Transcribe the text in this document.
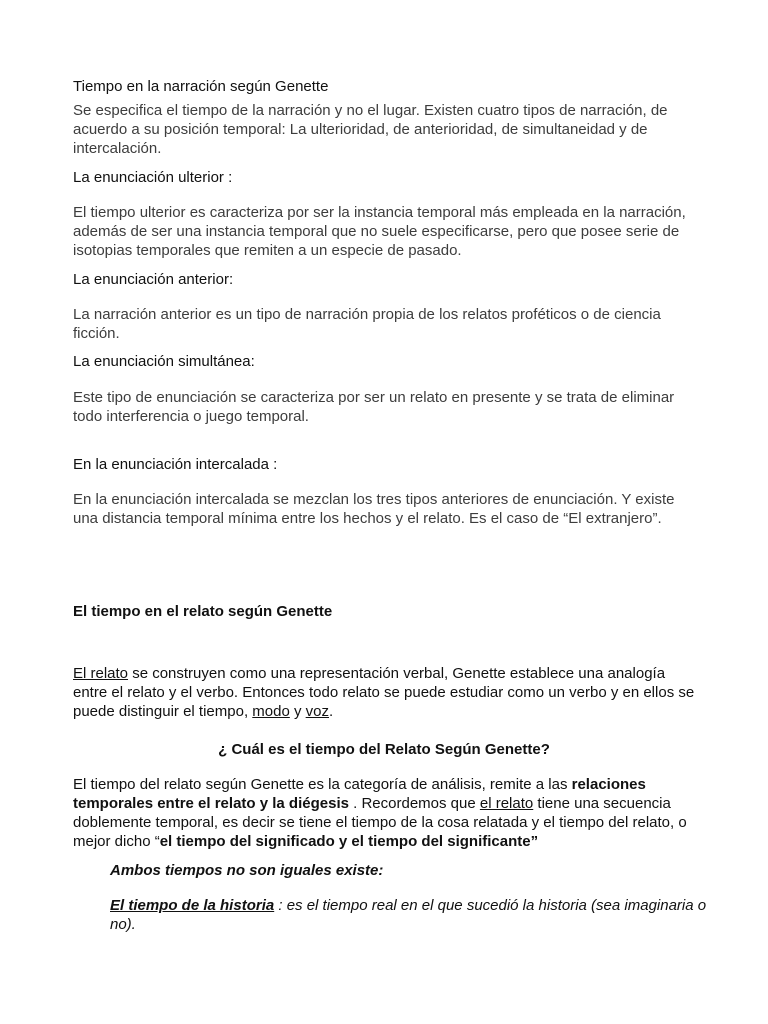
Tiempo en la narración según Genette

Se especifica el tiempo de la narración y no el lugar. Existen cuatro tipos de narración, de acuerdo a su posición temporal: La ulterioridad, de anterioridad, de simultaneidad y de intercalación.

La enunciación ulterior :

El tiempo ulterior es caracteriza por ser la instancia temporal más empleada en la narración, además de ser una instancia temporal que no suele especificarse, pero que posee serie de isotopias temporales que remiten a un especie de pasado.

La enunciación anterior:

La narración anterior es un tipo de narración propia de los relatos proféticos o de ciencia ficción.

La enunciación simultánea:

Este tipo de enunciación se caracteriza por ser un relato en presente y se trata de eliminar todo interferencia o juego temporal.

En la enunciación intercalada :

En la enunciación intercalada se mezclan los tres tipos anteriores de enunciación. Y existe una distancia temporal mínima entre los hechos y el relato. Es el caso de “El extranjero”.

El tiempo en el relato según Genette

El relato se construyen como una representación verbal, Genette establece una analogía entre el relato y el verbo. Entonces todo relato se puede estudiar como un verbo y en ellos se puede distinguir el tiempo, modo y voz.

¿ Cuál es el tiempo del Relato Según Genette?

El tiempo del relato según Genette es la categoría de análisis, remite a las relaciones temporales entre el relato y la diégesis . Recordemos que el relato tiene una secuencia doblemente temporal, es decir se tiene el tiempo de la cosa relatada y el tiempo del relato, o mejor dicho “el tiempo del significado y el tiempo del significante”

Ambos tiempos no son iguales existe:

El tiempo de la historia : es el tiempo real en el que sucedió la historia (sea imaginaria o no).
